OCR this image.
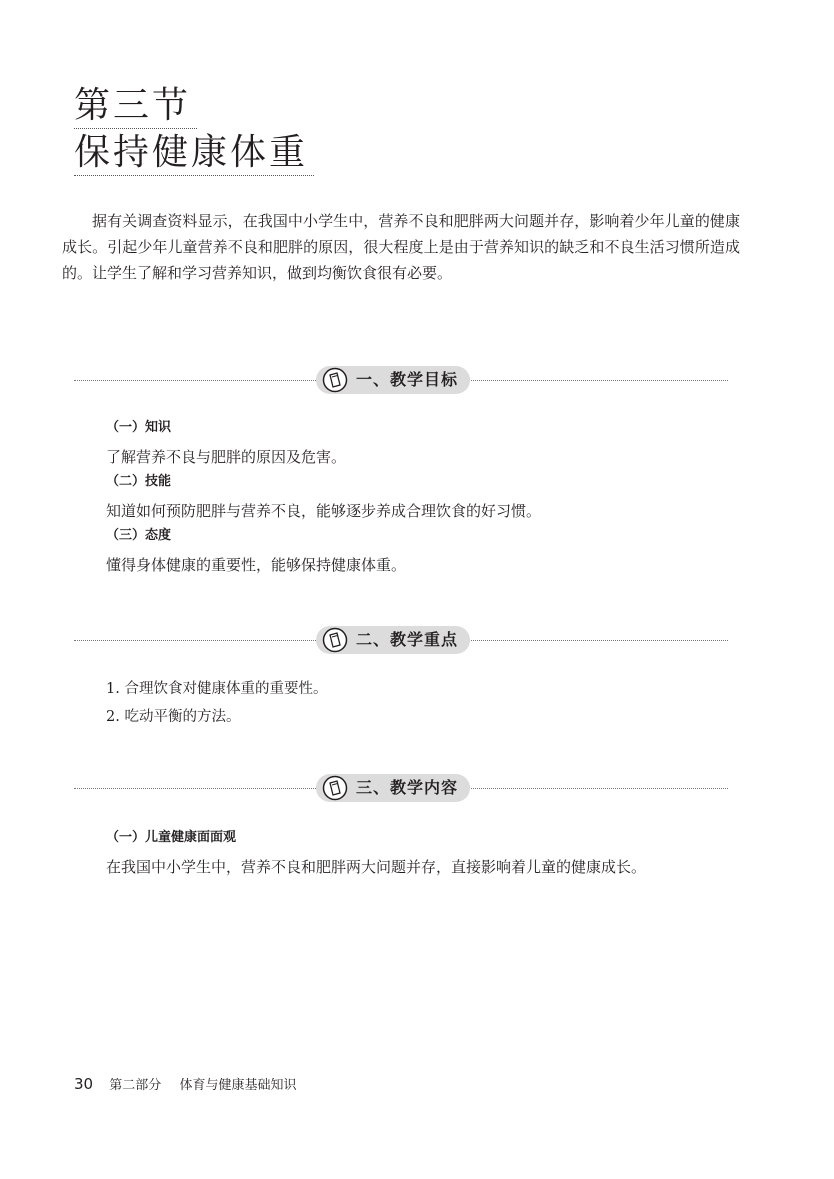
第三节
保持健康体重

据有关调查资料显示，在我国中小学生中，营养不良和肥胖两大问题并存，影响着少年儿童的健康成长。引起少年儿童营养不良和肥胖的原因，很大程度上是由于营养知识的缺乏和不良生活习惯所造成的。让学生了解和学习营养知识，做到均衡饮食很有必要。

一、教学目标

（一）知识

了解营养不良与肥胖的原因及危害。

（二）技能

知道如何预防肥胖与营养不良，能够逐步养成合理饮食的好习惯。

（三）态度

懂得身体健康的重要性，能够保持健康体重。

二、教学重点

1. 合理饮食对健康体重的重要性。

2. 吃动平衡的方法。

三、教学内容

（一）儿童健康面面观

在我国中小学生中，营养不良和肥胖两大问题并存，直接影响着儿童的健康成长。

30 第二部分 体育与健康基础知识
